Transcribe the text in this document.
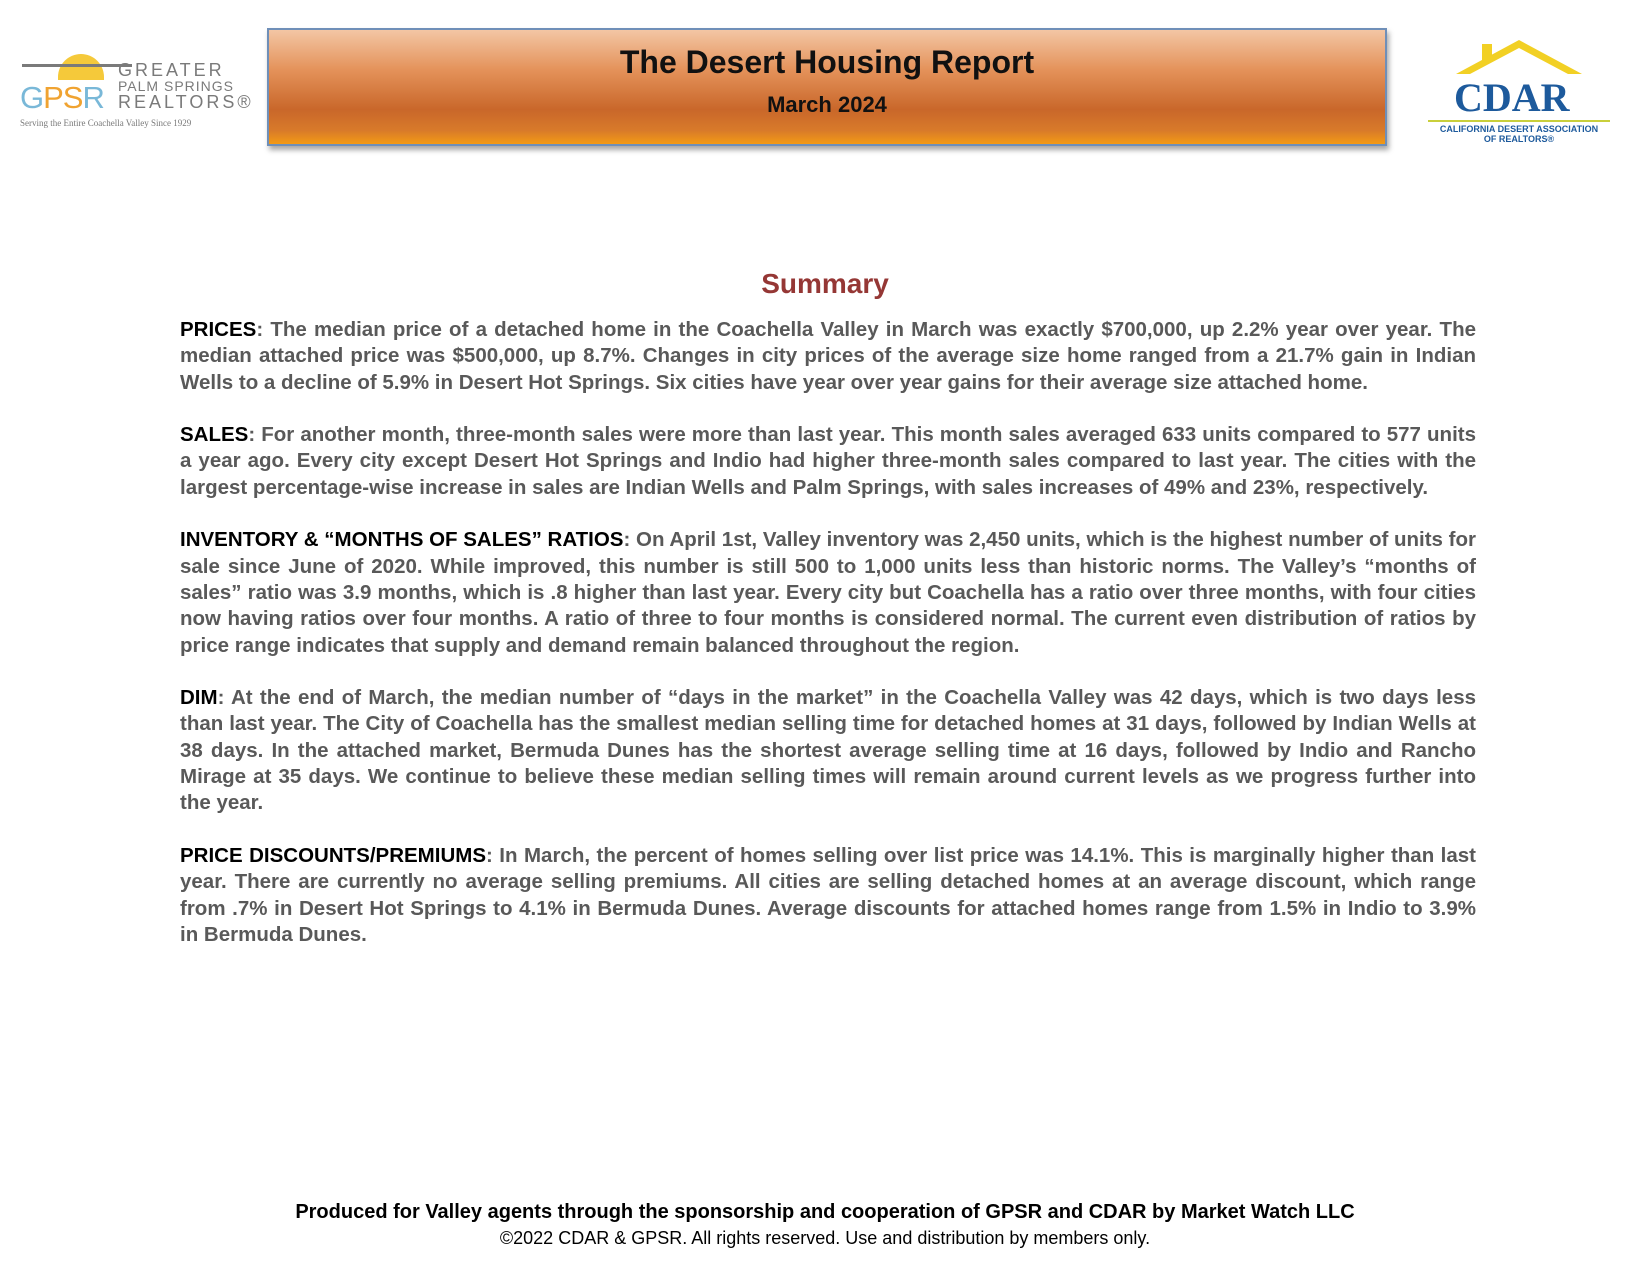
GPSR
GREATER
PALM SPRINGS
REALTORS®
Serving the Entire Coachella Valley Since 1929
The Desert Housing Report
March 2024	CDAR
CALIFORNIA DESERT ASSOCIATION
OF REALTORS®
Summary

PRICES: The median price of a detached home in the Coachella Valley in March was exactly $700,000, up 2.2% year over year. The median attached price was $500,000, up 8.7%. Changes in city prices of the average size home ranged from a 21.7% gain in Indian Wells to a decline of 5.9% in Desert Hot Springs. Six cities have year over year gains for their average size attached home.

SALES: For another month, three-month sales were more than last year. This month sales averaged 633 units compared to 577 units a year ago. Every city except Desert Hot Springs and Indio had higher three-month sales compared to last year. The cities with the largest percentage-wise increase in sales are Indian Wells and Palm Springs, with sales increases of 49% and 23%, respectively.

INVENTORY & “MONTHS OF SALES” RATIOS: On April 1st, Valley inventory was 2,450 units, which is the highest number of units for sale since June of 2020. While improved, this number is still 500 to 1,000 units less than historic norms. The Valley’s “months of sales” ratio was 3.9 months, which is .8 higher than last year. Every city but Coachella has a ratio over three months, with four cities now having ratios over four months. A ratio of three to four months is considered normal. The current even distribution of ratios by price range indicates that supply and demand remain balanced throughout the region.

DIM: At the end of March, the median number of “days in the market” in the Coachella Valley was 42 days, which is two days less than last year. The City of Coachella has the smallest median selling time for detached homes at 31 days, followed by Indian Wells at 38 days. In the attached market, Bermuda Dunes has the shortest average selling time at 16 days, followed by Indio and Rancho Mirage at 35 days. We continue to believe these median selling times will remain around current levels as we progress further into the year.

PRICE DISCOUNTS/PREMIUMS: In March, the percent of homes selling over list price was 14.1%. This is marginally higher than last year. There are currently no average selling premiums. All cities are selling detached homes at an average discount, which range from .7% in Desert Hot Springs to 4.1% in Bermuda Dunes. Average discounts for attached homes range from 1.5% in Indio to 3.9% in Bermuda Dunes.

Produced for Valley agents through the sponsorship and cooperation of GPSR and CDAR by Market Watch LLC
©2022 CDAR & GPSR. All rights reserved. Use and distribution by members only.
